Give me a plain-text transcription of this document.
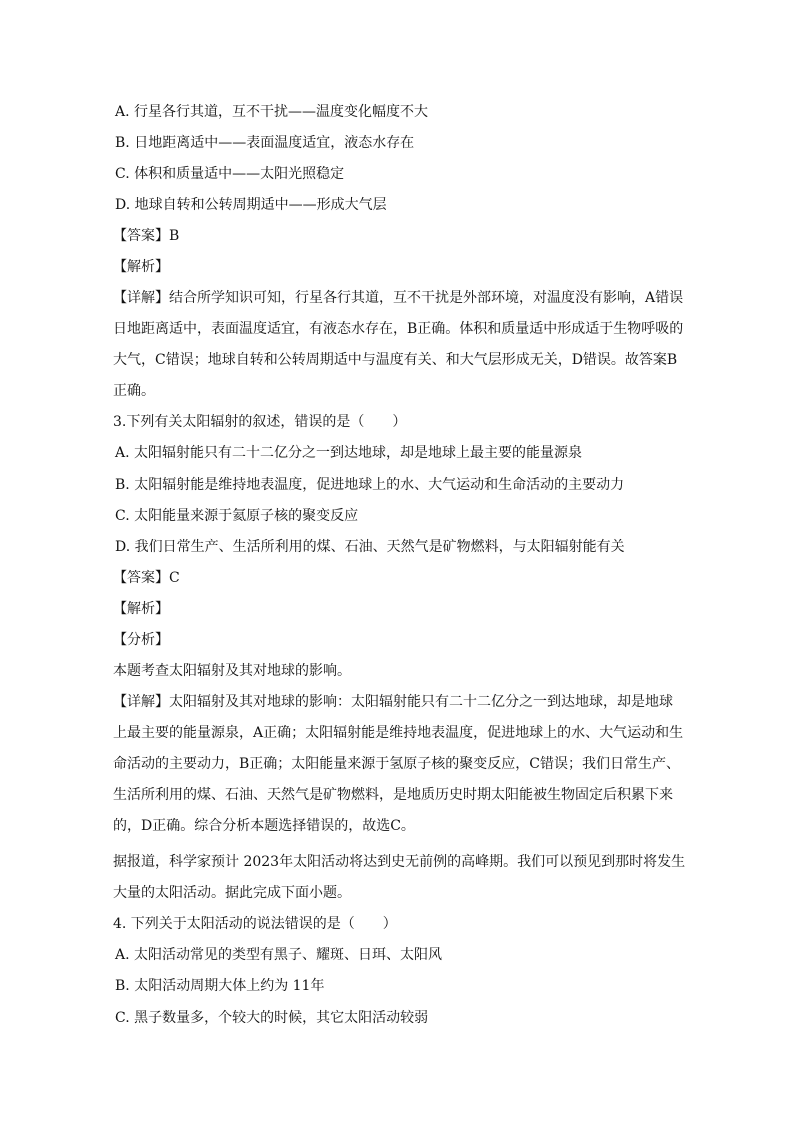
A. 行星各行其道，互不干扰——温度变化幅度不大
B. 日地距离适中——表面温度适宜，液态水存在
C. 体积和质量适中——太阳光照稳定
D. 地球自转和公转周期适中——形成大气层
【答案】B
【解析】
【详解】结合所学知识可知，行星各行其道，互不干扰是外部环境，对温度没有影响，A错误
日地距离适中，表面温度适宜，有液态水存在，B正确。体积和质量适中形成适于生物呼吸的
大气，C错误；地球自转和公转周期适中与温度有关、和大气层形成无关，D错误。故答案B
正确。
3.下列有关太阳辐射的叙述，错误的是（　　）
A. 太阳辐射能只有二十二亿分之一到达地球，却是地球上最主要的能量源泉
B. 太阳辐射能是维持地表温度，促进地球上的水、大气运动和生命活动的主要动力
C. 太阳能量来源于氦原子核的聚变反应
D. 我们日常生产、生活所利用的煤、石油、天然气是矿物燃料，与太阳辐射能有关
【答案】C
【解析】
【分析】
本题考查太阳辐射及其对地球的影响。
【详解】太阳辐射及其对地球的影响：太阳辐射能只有二十二亿分之一到达地球，却是地球
上最主要的能量源泉，A正确；太阳辐射能是维持地表温度，促进地球上的水、大气运动和生
命活动的主要动力，B正确；太阳能量来源于氢原子核的聚变反应，C错误；我们日常生产、
生活所利用的煤、石油、天然气是矿物燃料，是地质历史时期太阳能被生物固定后积累下来
的，D正确。综合分析本题选择错误的，故选C。
据报道，科学家预计 2023年太阳活动将达到史无前例的高峰期。我们可以预见到那时将发生
大量的太阳活动。据此完成下面小题。
4. 下列关于太阳活动的说法错误的是（　　）
A. 太阳活动常见的类型有黑子、耀斑、日珥、太阳风
B. 太阳活动周期大体上约为 11年
C. 黑子数量多，个较大的时候，其它太阳活动较弱
